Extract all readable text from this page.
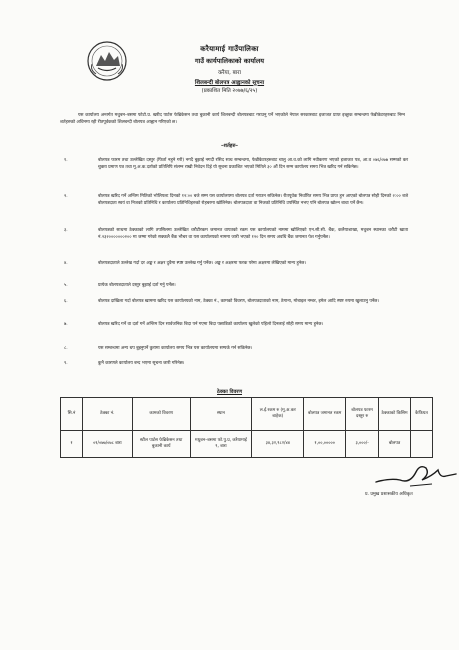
करैयामाई गाउँपालिका
गाउँ कार्यपालिकाको कार्यालय
करैया, बारा
शिलबन्दी बोलपत्र आह्वानको सूचना
(प्रकाशित मिति २०७७/६/२५)
यस कार्यालय अन्तर्गत मधुबन–बसमा फोटो.प्र. खरीद पार्टस फेब्रिकेसन तथा बुकानी कार्य शिलबन्दी बोलपत्रबाट गराउनु पर्ने भएकोले नेपाल सरकारबाट इजाजत प्राप्त इच्छुक सम्बन्धमा फेब्रीकेटरहरुबाट निम्न शर्तहरुको अधिनमा रही रीतपूर्वकको शिलबन्दी बोलपत्र आह्वान गरिएको छ।
–शर्तहरु–
१.	बोलपत्र फारम तथा उल्लेखित दस्तुर (फिर्ता नहुने गरी) नगदै बुझाई नगदी रसिद साथ सम्बन्धमा, फेब्रीकेटरहरुबाट चालु आ.व.को लागि नवीकरण भएको इजाजत पत्र, आ.व ०७६/०७७ सम्मको कर चुक्ता प्रमाण पत्र तथा मू.अ.क.दर्ताको प्रतिलिपि संलग्न राखी निवेदन दिई यो सूचना प्रकाशित भएको मितिले ३० औं दिन सम्म कार्यालय समय भित्र खरिद गर्न सकिनेछ।
२.	बोलपत्र खरिद गर्ने अन्तिम मितिको भोलिपल्ट दिनको १२:०० बजे सम्म यस कार्यालयमा बोलपत्र दर्ता गराउन सकिनेछ। रीतपूर्वक निर्धारित समय भित्र प्राप्त हुन आएको बोलपत्र सोही दिनको २:०० बजे बोलपत्रदाता स्वयं वा निजको प्रतिनिधि र कार्यालय प्रतिनिधिहरुको रोहबरमा खोलिनेछ। बोलपत्रदाता वा निजको प्रतिनिधि उपस्थित नभए पनि बोलपत्र खोल्न बाधा पर्ने छैन।
३.	बोलपत्रको साथमा ठेक्काको लागि तपसिलमा उल्लेखित धरौटीरकम जमानत वापतको रकम यस कार्यालयको नाममा खोलिएको एन.सी.सी. बैंक, कलैयाशाखा, मधुबन स्थानका धरौटी खाता नं.२३२०००००००२०० मा जम्मा गरेको सक्कलै बैंक भौचर वा यस कार्यालयको नाममा जारी भएको १२० दिन समय अवधि बैंक जमानत पेश गर्नुपर्नेछ।
४.	बोलपत्रदाताले उल्लेख गर्दा दर अङ्क र अक्षर दुवैमा स्पष्ट उल्लेख गर्नु पर्नेछ। अङ्क र अक्षरमा फरक परेमा अक्षरमा लेखिएको मान्य हुनेछ।
५.	प्रत्येक बोलपत्रदाताले दस्तुर बुझाई दर्ता गर्नु पर्नेछ।
६.	बोलपत्र दाखिला गर्दा बोलपत्र खाममा खरिद यस कार्यालयको नाम, ठेक्का नं., कामको विवरण, बोलपत्रदाताको नाम, ठेगाना, मोबाइल नम्बर, इमेल आदि स्पष्ट रुपमा खुलाउनु पर्नेछ।
७.	बोलपत्र खरिद गर्ने वा दर्ता गर्ने अन्तिम दिन सार्वजनिक बिदा पर्न गएमा बिदा पछाडिको कार्यालय खुलेको पहिलो दिनलाई सोही समय मान्य हुनेछ।
८.	यस सम्बन्धमा अन्य थप बुझ्नुपर्ने कुरामा कार्यालय समय भित्र यस कार्यालयमा सम्पर्क गर्न सकिनेछ।
९.	कुनै कारणले कार्यालय बन्द भएमा सूचना जारी गरिनेछ।
ठेक्का विवरण
सि.नं	ठेक्का नं.	कामको विवरण	स्थान	ल.ई.रकम रु (मू.अ.कर बाहेक)	बोलपत्र जमानत रकम	बोलपत्र फारम दस्तुर रु	ठेक्काको किसिम	कैफियत
१	०१/०७७/०७८ बारा	स्टील पार्टस फेब्रिकेसन तथा बुकानी कार्य	मधुबन–बसमा फो.पु.प्र, करैयामाई ९, बारा	३४,३२,९८२/४४	१,००,०००००	३,०००/-	बोलपत्र	
प्र. प्रमुख प्रशासकीय अधिकृत
